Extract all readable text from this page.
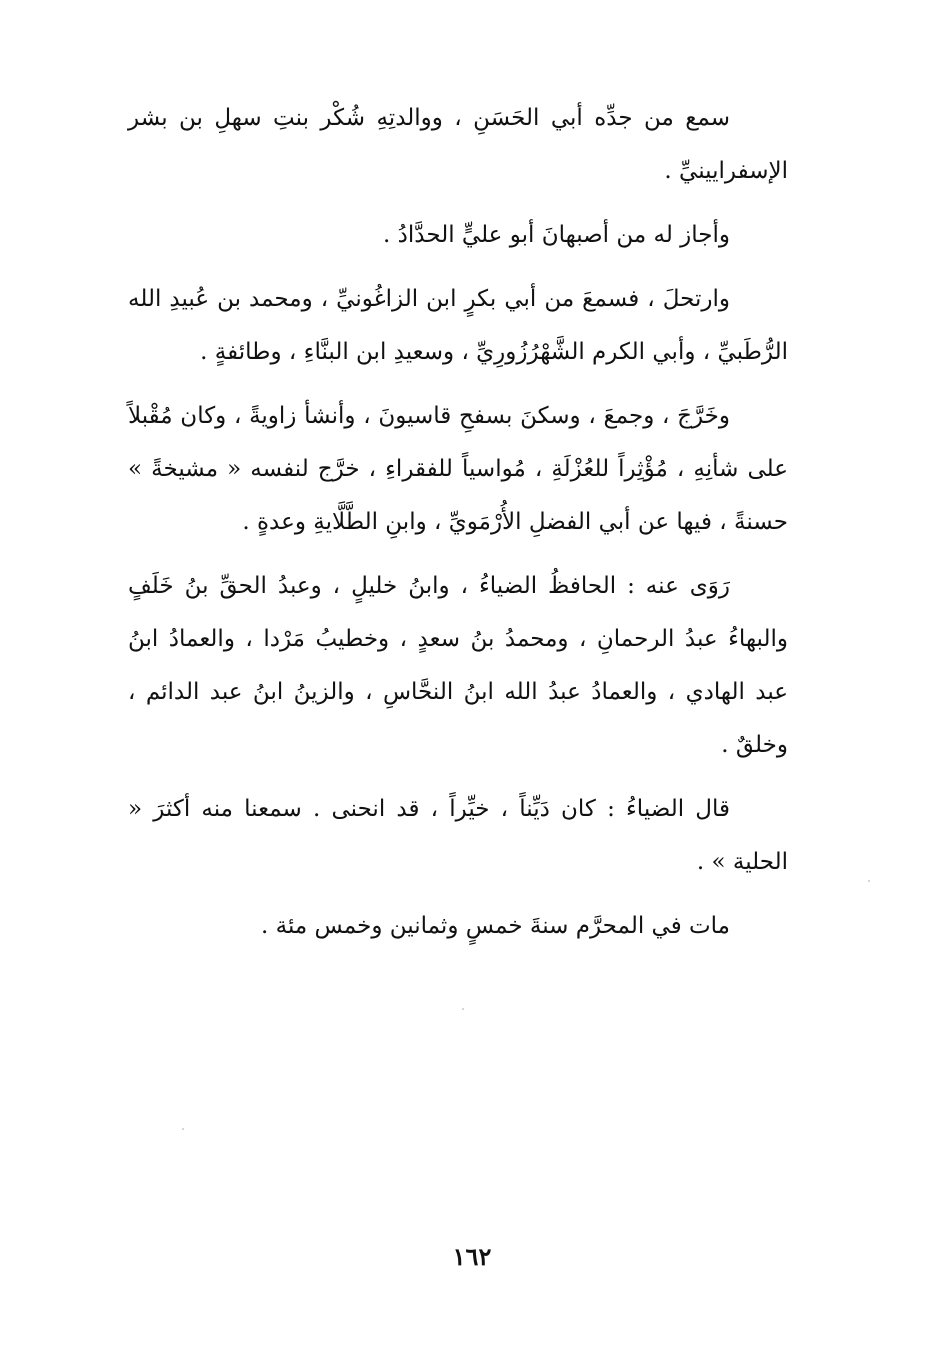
سمع من جدِّه أبي الحَسَنِ ، ووالدتِهِ شُكْر بنتِ سهلِ بن بشر الإسفرايينيِّ .

وأجاز له من أصبهانَ أبو عليٍّ الحدَّادُ .

وارتحلَ ، فسمعَ من أبي بكرٍ ابن الزاغُونيِّ ، ومحمد بن عُبيدِ الله الرُّطَبيِّ ، وأبي الكرم الشَّهْرُزُورِيِّ ، وسعيدِ ابن البنَّاءِ ، وطائفةٍ .

وخَرَّجَ ، وجمعَ ، وسكنَ بسفحِ قاسيونَ ، وأنشأ زاويةً ، وكان مُقْبلاً على شأنِهِ ، مُؤْثِراً للعُزْلَةِ ، مُواسياً للفقراءِ ، خرَّج لنفسه « مشيخةً » حسنةً ، فيها عن أبي الفضلِ الأُرْمَويِّ ، وابنِ الطَّلَّايةِ وعدةٍ .

رَوَى عنه : الحافظُ الضياءُ ، وابنُ خليلٍ ، وعبدُ الحقِّ بنُ خَلَفٍ والبهاءُ عبدُ الرحمانِ ، ومحمدُ بنُ سعدٍ ، وخطيبُ مَرْدا ، والعمادُ ابنُ عبد الهادي ، والعمادُ عبدُ الله ابنُ النحَّاسِ ، والزينُ ابنُ عبد الدائم ، وخلقٌ .

قال الضياءُ : كان دَيِّناً ، خيِّراً ، قد انحنى . سمعنا منه أكثرَ « الحلية » .

مات في المحرَّم سنةَ خمسٍ وثمانين وخمس مئة .

١٦٢
